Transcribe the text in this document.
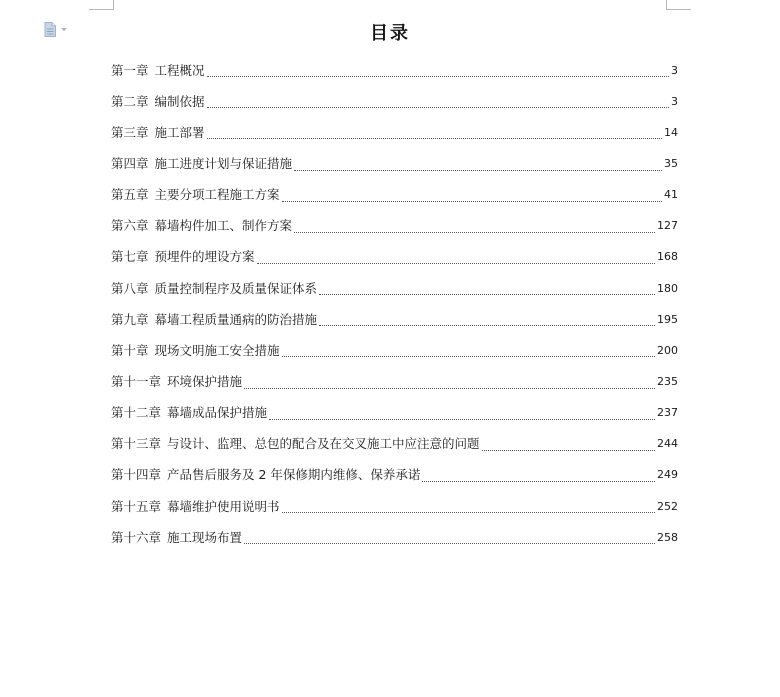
目录
第一章 工程概况	3
第二章 编制依据	3
第三章 施工部署	14
第四章 施工进度计划与保证措施	35
第五章 主要分项工程施工方案	41
第六章 幕墙构件加工、制作方案	127
第七章 预埋件的埋设方案	168
第八章 质量控制程序及质量保证体系	180
第九章 幕墙工程质量通病的防治措施	195
第十章 现场文明施工安全措施	200
第十一章 环境保护措施	235
第十二章 幕墙成品保护措施	237
第十三章 与设计、监理、总包的配合及在交叉施工中应注意的问题	244
第十四章 产品售后服务及 2 年保修期内维修、保养承诺	249
第十五章 幕墙维护使用说明书	252
第十六章 施工现场布置	258
